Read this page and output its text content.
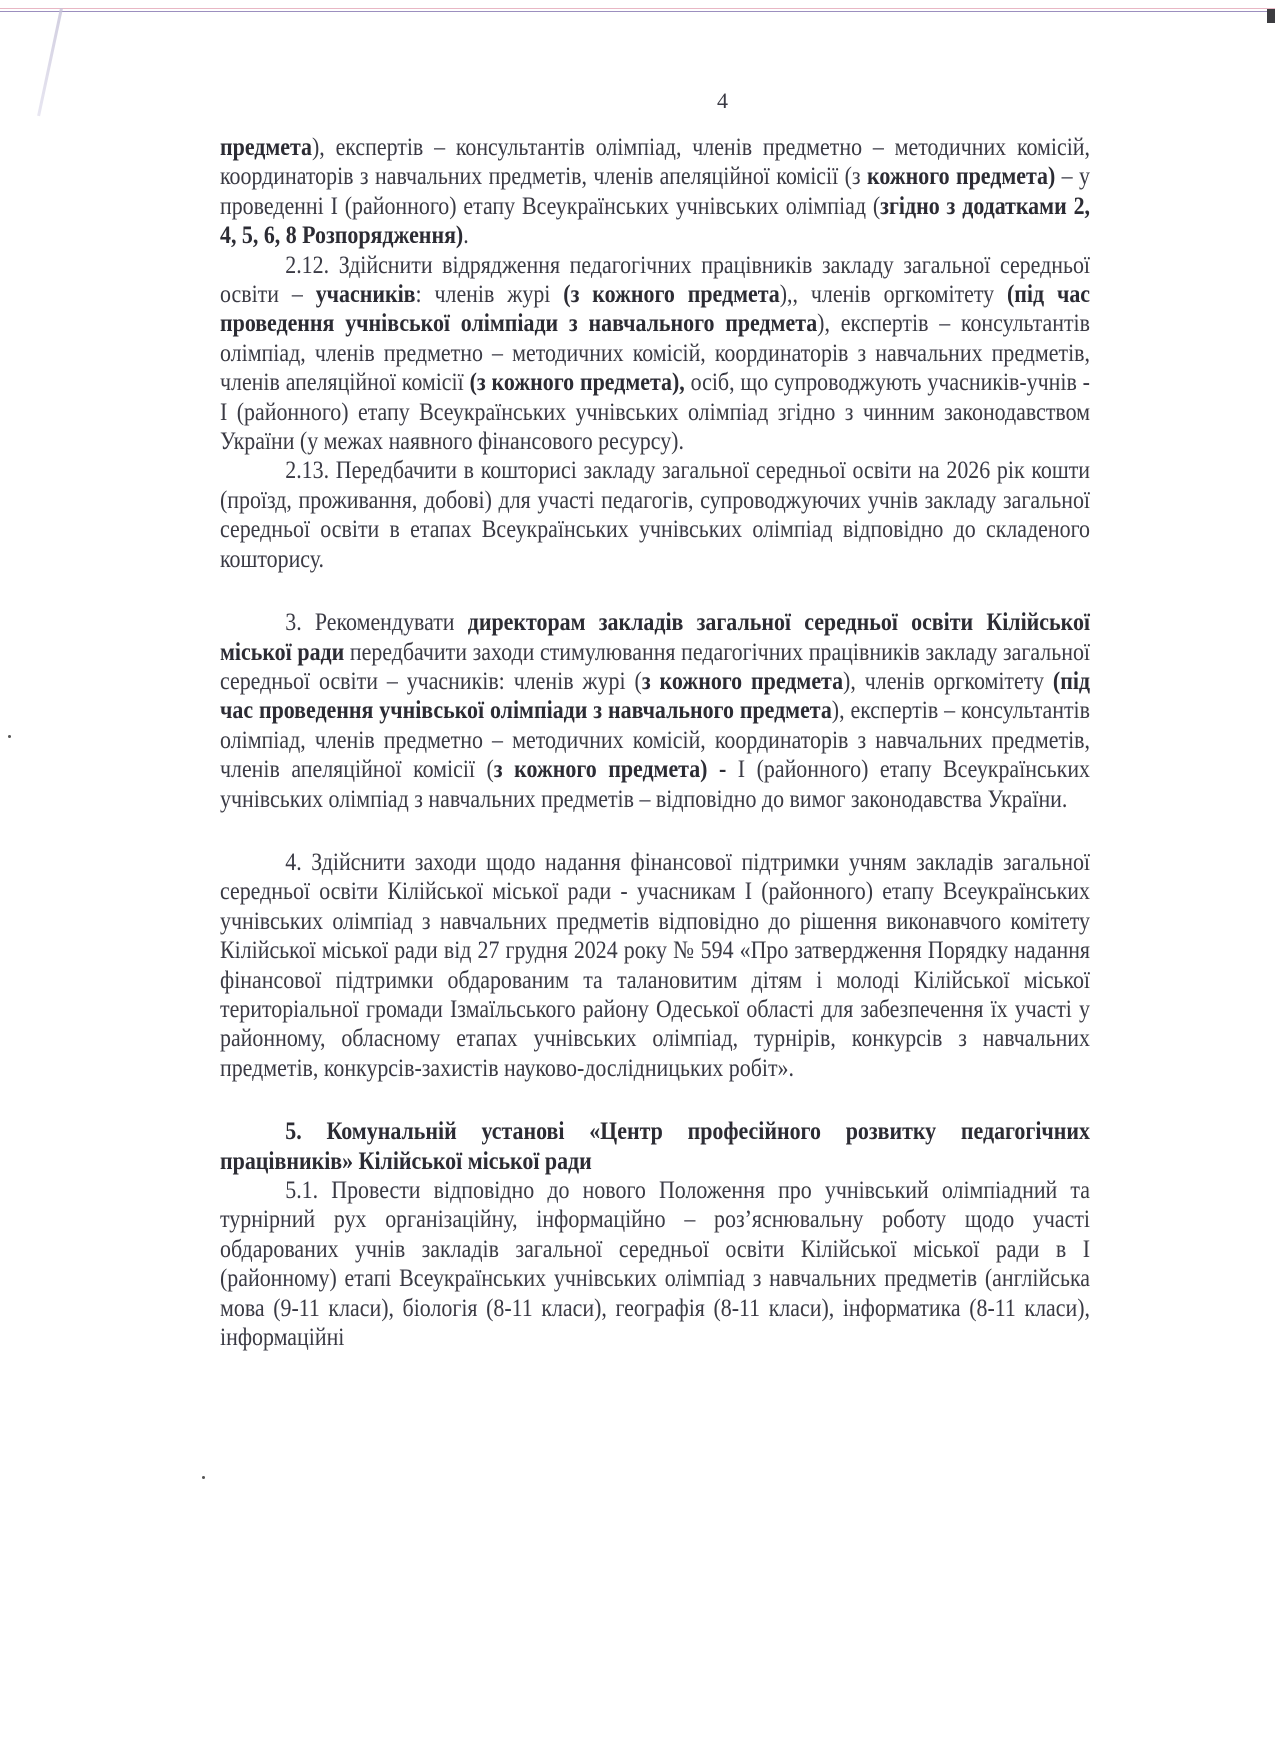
4

предмета), експертів – консультантів олімпіад, членів предметно – методичних комісій, координаторів з навчальних предметів, членів апеляційної комісії (з кожного предмета) – у проведенні І (районного) етапу Всеукраїнських учнівських олімпіад (згідно з додатками 2, 4, 5, 6, 8 Розпорядження).

2.12. Здійснити відрядження педагогічних працівників закладу загальної середньої освіти – учасників: членів журі (з кожного предмета),, членів оргкомітету (під час проведення учнівської олімпіади з навчального предмета), експертів – консультантів олімпіад, членів предметно – методичних комісій, координаторів з навчальних предметів, членів апеляційної комісії (з кожного предмета), осіб, що супроводжують учасників-учнів - І (районного) етапу Всеукраїнських учнівських олімпіад згідно з чинним законодавством України (у межах наявного фінансового ресурсу).

2.13. Передбачити в кошторисі закладу загальної середньої освіти на 2026 рік кошти (проїзд, проживання, добові) для участі педагогів, супроводжуючих учнів закладу загальної середньої освіти в етапах Всеукраїнських учнівських олімпіад відповідно до складеного кошторису.

3. Рекомендувати директорам закладів загальної середньої освіти Кілійської міської ради передбачити заходи стимулювання педагогічних працівників закладу загальної середньої освіти – учасників: членів журі (з кожного предмета), членів оргкомітету (під час проведення учнівської олімпіади з навчального предмета), експертів – консультантів олімпіад, членів предметно – методичних комісій, координаторів з навчальних предметів, членів апеляційної комісії (з кожного предмета) - І (районного) етапу Всеукраїнських учнівських олімпіад з навчальних предметів – відповідно до вимог законодавства України.

4. Здійснити заходи щодо надання фінансової підтримки учням закладів загальної середньої освіти Кілійської міської ради - учасникам І (районного) етапу Всеукраїнських учнівських олімпіад з навчальних предметів відповідно до рішення виконавчого комітету Кілійської міської ради від 27 грудня 2024 року № 594 «Про затвердження Порядку надання фінансової підтримки обдарованим та талановитим дітям і молоді Кілійської міської територіальної громади Ізмаїльського району Одеської області для забезпечення їх участі у районному, обласному етапах учнівських олімпіад, турнірів, конкурсів з навчальних предметів, конкурсів-захистів науково-дослідницьких робіт».

5. Комунальній установі «Центр професійного розвитку педагогічних працівників» Кілійської міської ради

5.1. Провести відповідно до нового Положення про учнівський олімпіадний та турнірний рух організаційну, інформаційно – роз’яснювальну роботу щодо участі обдарованих учнів закладів загальної середньої освіти Кілійської міської ради в І (районному) етапі Всеукраїнських учнівських олімпіад з навчальних предметів (англійська мова (9-11 класи), біологія (8-11 класи), географія (8-11 класи), інформатика (8-11 класи), інформаційні
